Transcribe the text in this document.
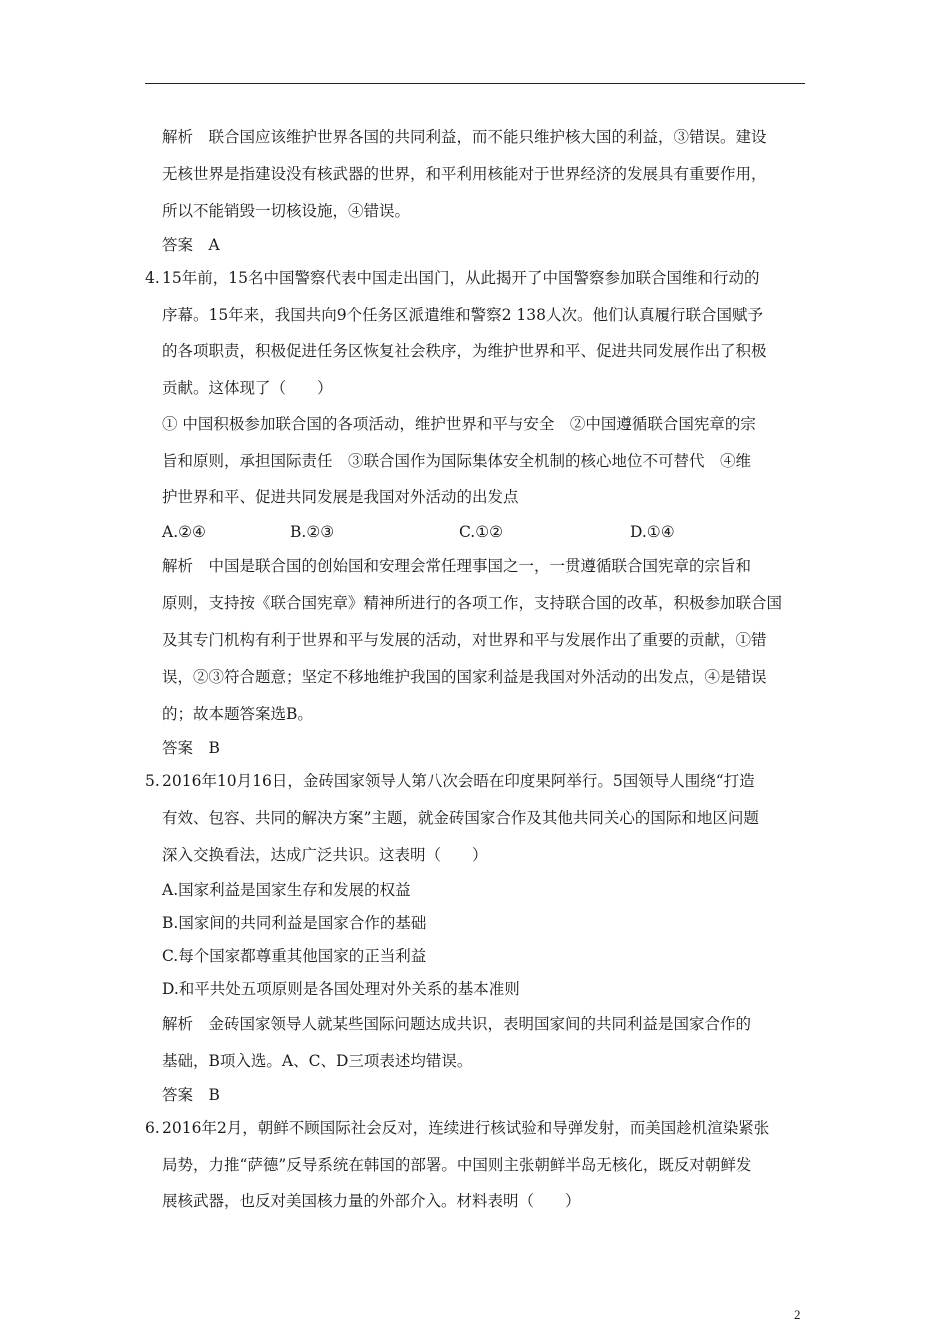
解析　联合国应该维护世界各国的共同利益，而不能只维护核大国的利益，③错误。建设
无核世界是指建设没有核武器的世界，和平利用核能对于世界经济的发展具有重要作用，
所以不能销毁一切核设施，④错误。
答案　A
4. 15年前，15名中国警察代表中国走出国门，从此揭开了中国警察参加联合国维和行动的
序幕。15年来，我国共向9个任务区派遣维和警察2 138人次。他们认真履行联合国赋予
的各项职责，积极促进任务区恢复社会秩序，为维护世界和平、促进共同发展作出了积极
贡献。这体现了（　　）
① 中国积极参加联合国的各项活动，维护世界和平与安全　②中国遵循联合国宪章的宗
旨和原则，承担国际责任　③联合国作为国际集体安全机制的核心地位不可替代　④维
护世界和平、促进共同发展是我国对外活动的出发点
A.②④	B.②③	C.①②	D.①④
解析　中国是联合国的创始国和安理会常任理事国之一，一贯遵循联合国宪章的宗旨和
原则，支持按《联合国宪章》精神所进行的各项工作，支持联合国的改革，积极参加联合国
及其专门机构有利于世界和平与发展的活动，对世界和平与发展作出了重要的贡献，①错
误，②③符合题意；坚定不移地维护我国的国家利益是我国对外活动的出发点，④是错误
的；故本题答案选B。
答案　B
5. 2016年10月16日，金砖国家领导人第八次会晤在印度果阿举行。5国领导人围绕“打造
有效、包容、共同的解决方案”主题，就金砖国家合作及其他共同关心的国际和地区问题
深入交换看法，达成广泛共识。这表明（　　）
A.国家利益是国家生存和发展的权益
B.国家间的共同利益是国家合作的基础
C.每个国家都尊重其他国家的正当利益
D.和平共处五项原则是各国处理对外关系的基本准则
解析　金砖国家领导人就某些国际问题达成共识，表明国家间的共同利益是国家合作的
基础，B项入选。A、C、D三项表述均错误。
答案　B
6. 2016年2月，朝鲜不顾国际社会反对，连续进行核试验和导弹发射，而美国趁机渲染紧张
局势，力推“萨德”反导系统在韩国的部署。中国则主张朝鲜半岛无核化，既反对朝鲜发
展核武器，也反对美国核力量的外部介入。材料表明（　　）
2
